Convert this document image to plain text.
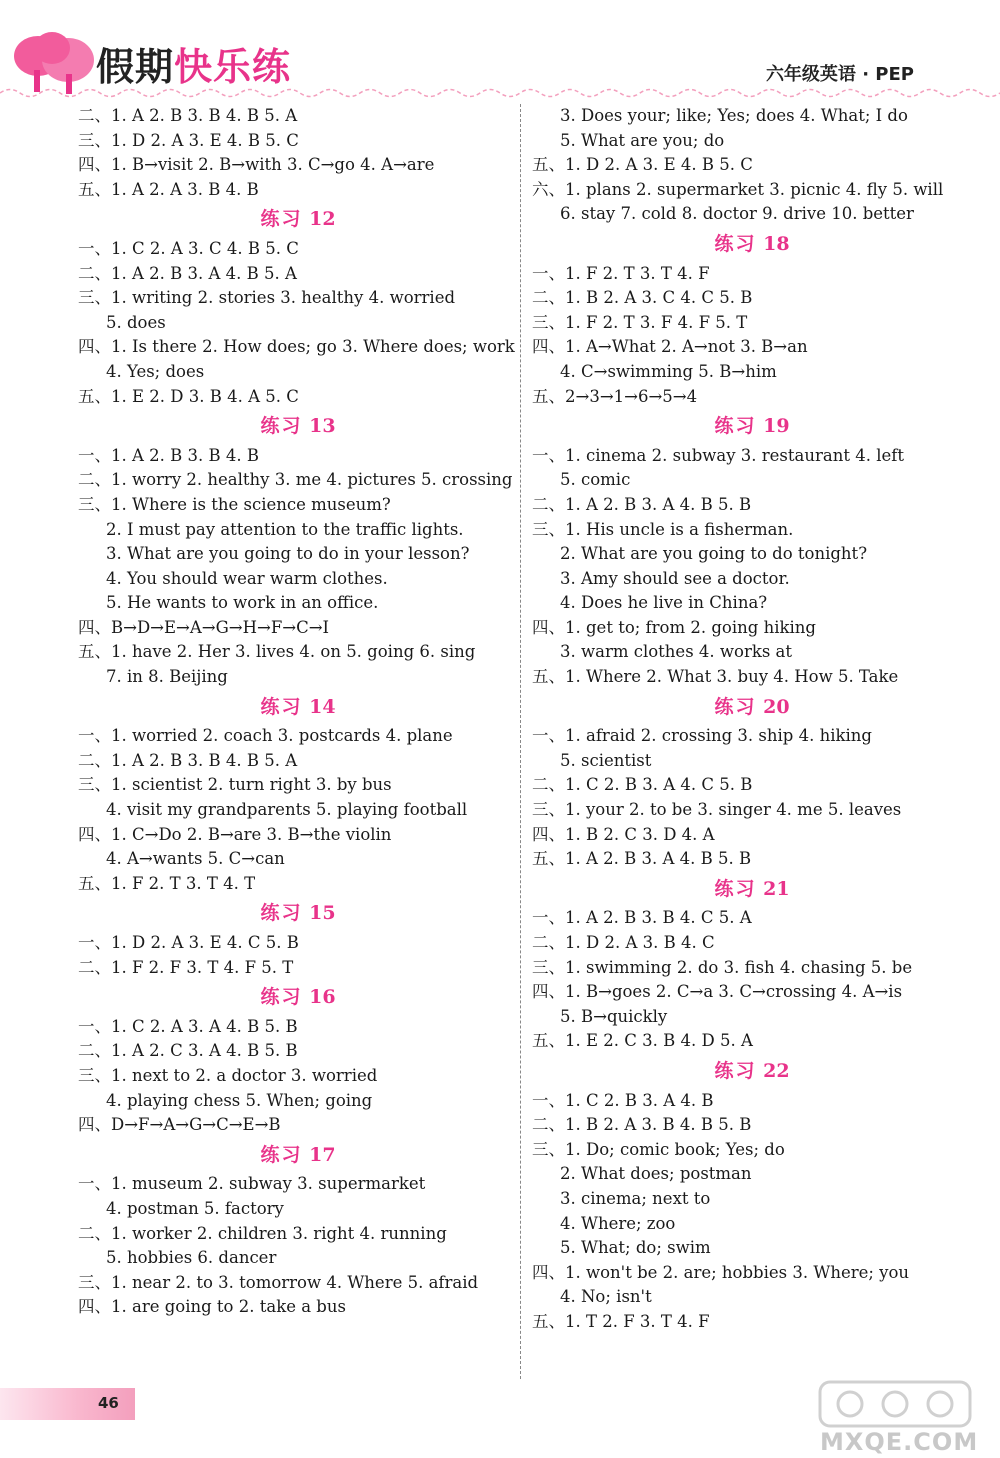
假期快乐练	六年级英语 · PEP
二、1. A 2. B 3. B 4. B 5. A
三、1. D 2. A 3. E 4. B 5. C
四、1. B→visit 2. B→with 3. C→go 4. A→are
五、1. A 2. A 3. B 4. B
练习 12
一、1. C 2. A 3. C 4. B 5. C
二、1. A 2. B 3. A 4. B 5. A
三、1. writing 2. stories 3. healthy 4. worried
5. does
四、1. Is there 2. How does; go 3. Where does; work
4. Yes; does
五、1. E 2. D 3. B 4. A 5. C
练习 13
一、1. A 2. B 3. B 4. B
二、1. worry 2. healthy 3. me 4. pictures 5. crossing
三、1. Where is the science museum?
2. I must pay attention to the traffic lights.
3. What are you going to do in your lesson?
4. You should wear warm clothes.
5. He wants to work in an office.
四、B→D→E→A→G→H→F→C→I
五、1. have 2. Her 3. lives 4. on 5. going 6. sing
7. in 8. Beijing
练习 14
一、1. worried 2. coach 3. postcards 4. plane
二、1. A 2. B 3. B 4. B 5. A
三、1. scientist 2. turn right 3. by bus
4. visit my grandparents 5. playing football
四、1. C→Do 2. B→are 3. B→the violin
4. A→wants 5. C→can
五、1. F 2. T 3. T 4. T
练习 15
一、1. D 2. A 3. E 4. C 5. B
二、1. F 2. F 3. T 4. F 5. T
练习 16
一、1. C 2. A 3. A 4. B 5. B
二、1. A 2. C 3. A 4. B 5. B
三、1. next to 2. a doctor 3. worried
4. playing chess 5. When; going
四、D→F→A→G→C→E→B
练习 17
一、1. museum 2. subway 3. supermarket
4. postman 5. factory
二、1. worker 2. children 3. right 4. running
5. hobbies 6. dancer
三、1. near 2. to 3. tomorrow 4. Where 5. afraid
四、1. are going to 2. take a bus
3. Does your; like; Yes; does 4. What; I do
5. What are you; do
五、1. D 2. A 3. E 4. B 5. C
六、1. plans 2. supermarket 3. picnic 4. fly 5. will
6. stay 7. cold 8. doctor 9. drive 10. better
练习 18
一、1. F 2. T 3. T 4. F
二、1. B 2. A 3. C 4. C 5. B
三、1. F 2. T 3. F 4. F 5. T
四、1. A→What 2. A→not 3. B→an
4. C→swimming 5. B→him
五、2→3→1→6→5→4
练习 19
一、1. cinema 2. subway 3. restaurant 4. left
5. comic
二、1. A 2. B 3. A 4. B 5. B
三、1. His uncle is a fisherman.
2. What are you going to do tonight?
3. Amy should see a doctor.
4. Does he live in China?
四、1. get to; from 2. going hiking
3. warm clothes 4. works at
五、1. Where 2. What 3. buy 4. How 5. Take
练习 20
一、1. afraid 2. crossing 3. ship 4. hiking
5. scientist
二、1. C 2. B 3. A 4. C 5. B
三、1. your 2. to be 3. singer 4. me 5. leaves
四、1. B 2. C 3. D 4. A
五、1. A 2. B 3. A 4. B 5. B
练习 21
一、1. A 2. B 3. B 4. C 5. A
二、1. D 2. A 3. B 4. C
三、1. swimming 2. do 3. fish 4. chasing 5. be
四、1. B→goes 2. C→a 3. C→crossing 4. A→is
5. B→quickly
五、1. E 2. C 3. B 4. D 5. A
练习 22
一、1. C 2. B 3. A 4. B
二、1. B 2. A 3. B 4. B 5. B
三、1. Do; comic book; Yes; do
2. What does; postman
3. cinema; next to
4. Where; zoo
5. What; do; swim
四、1. won't be 2. are; hobbies 3. Where; you
4. No; isn't
五、1. T 2. F 3. T 4. F
46
MXQE.COM
